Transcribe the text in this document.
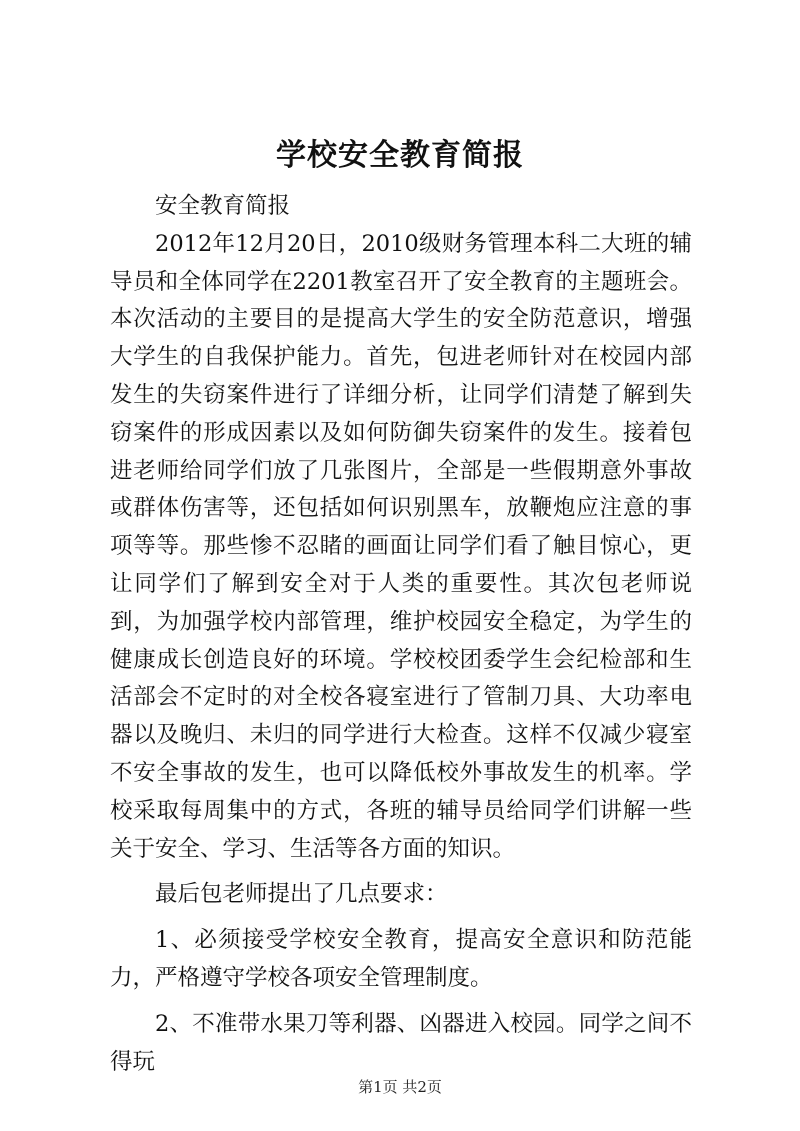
学校安全教育简报

安全教育简报

2012年12月20日，2010级财务管理本科二大班的辅导员和全体同学在2201教室召开了安全教育的主题班会。本次活动的主要目的是提高大学生的安全防范意识，增强大学生的自我保护能力。首先，包进老师针对在校园内部发生的失窃案件进行了详细分析，让同学们清楚了解到失窃案件的形成因素以及如何防御失窃案件的发生。接着包进老师给同学们放了几张图片，全部是一些假期意外事故或群体伤害等，还包括如何识别黑车，放鞭炮应注意的事项等等。那些惨不忍睹的画面让同学们看了触目惊心，更让同学们了解到安全对于人类的重要性。其次包老师说到，为加强学校内部管理，维护校园安全稳定，为学生的健康成长创造良好的环境。学校校团委学生会纪检部和生活部会不定时的对全校各寝室进行了管制刀具、大功率电器以及晚归、未归的同学进行大检查。这样不仅减少寝室不安全事故的发生，也可以降低校外事故发生的机率。学校采取每周集中的方式，各班的辅导员给同学们讲解一些关于安全、学习、生活等各方面的知识。

最后包老师提出了几点要求：

1、必须接受学校安全教育，提高安全意识和防范能力，严格遵守学校各项安全管理制度。

2、不准带水果刀等利器、凶器进入校园。同学之间不得玩

第1页 共2页
